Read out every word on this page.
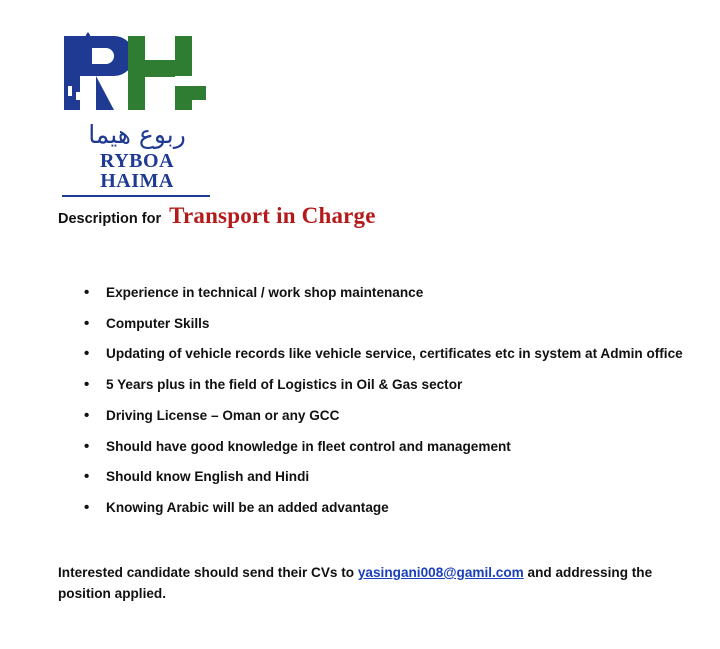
ربوع هيما
RYBOA HAIMA
Description for Transport in Charge
• Experience in technical / work shop maintenance
• Computer Skills
• Updating of vehicle records like vehicle service, certificates etc in system at Admin office
• 5 Years plus in the field of Logistics in Oil & Gas sector
• Driving License – Oman or any GCC
• Should have good knowledge in fleet control and management
• Should know English and Hindi
• Knowing Arabic will be an added advantage
Interested candidate should send their CVs to yasingani008@gamil.com and addressing the position applied.
